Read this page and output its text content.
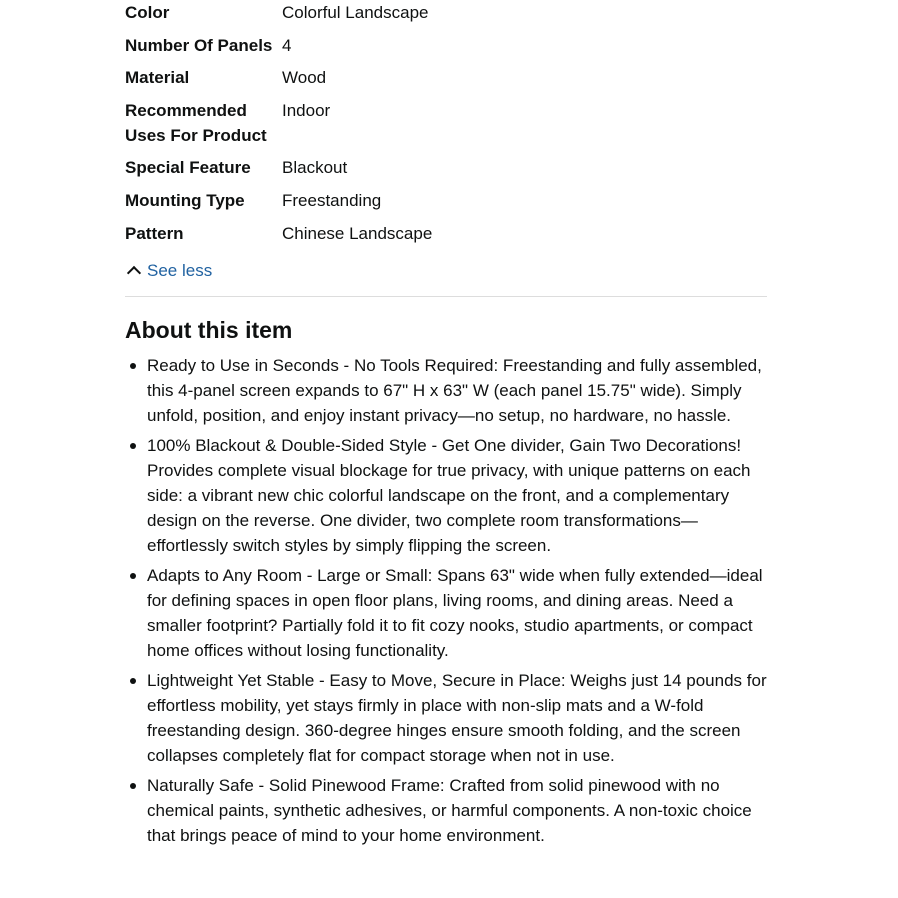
Color	Colorful Landscape
Number Of Panels	4
Material	Wood
Recommended Uses For Product	Indoor
Special Feature	Blackout
Mounting Type	Freestanding
Pattern	Chinese Landscape
See less
About this item
Ready to Use in Seconds - No Tools Required: Freestanding and fully assembled, this 4-panel screen expands to 67" H x 63" W (each panel 15.75" wide). Simply unfold, position, and enjoy instant privacy—no setup, no hardware, no hassle.
100% Blackout & Double-Sided Style - Get One divider, Gain Two Decorations! Provides complete visual blockage for true privacy, with unique patterns on each side: a vibrant new chic colorful landscape on the front, and a complementary design on the reverse. One divider, two complete room transformations—effortlessly switch styles by simply flipping the screen.
Adapts to Any Room - Large or Small: Spans 63" wide when fully extended—ideal for defining spaces in open floor plans, living rooms, and dining areas. Need a smaller footprint? Partially fold it to fit cozy nooks, studio apartments, or compact home offices without losing functionality.
Lightweight Yet Stable - Easy to Move, Secure in Place: Weighs just 14 pounds for effortless mobility, yet stays firmly in place with non-slip mats and a W-fold freestanding design. 360-degree hinges ensure smooth folding, and the screen collapses completely flat for compact storage when not in use.
Naturally Safe - Solid Pinewood Frame: Crafted from solid pinewood with no chemical paints, synthetic adhesives, or harmful components. A non-toxic choice that brings peace of mind to your home environment.
